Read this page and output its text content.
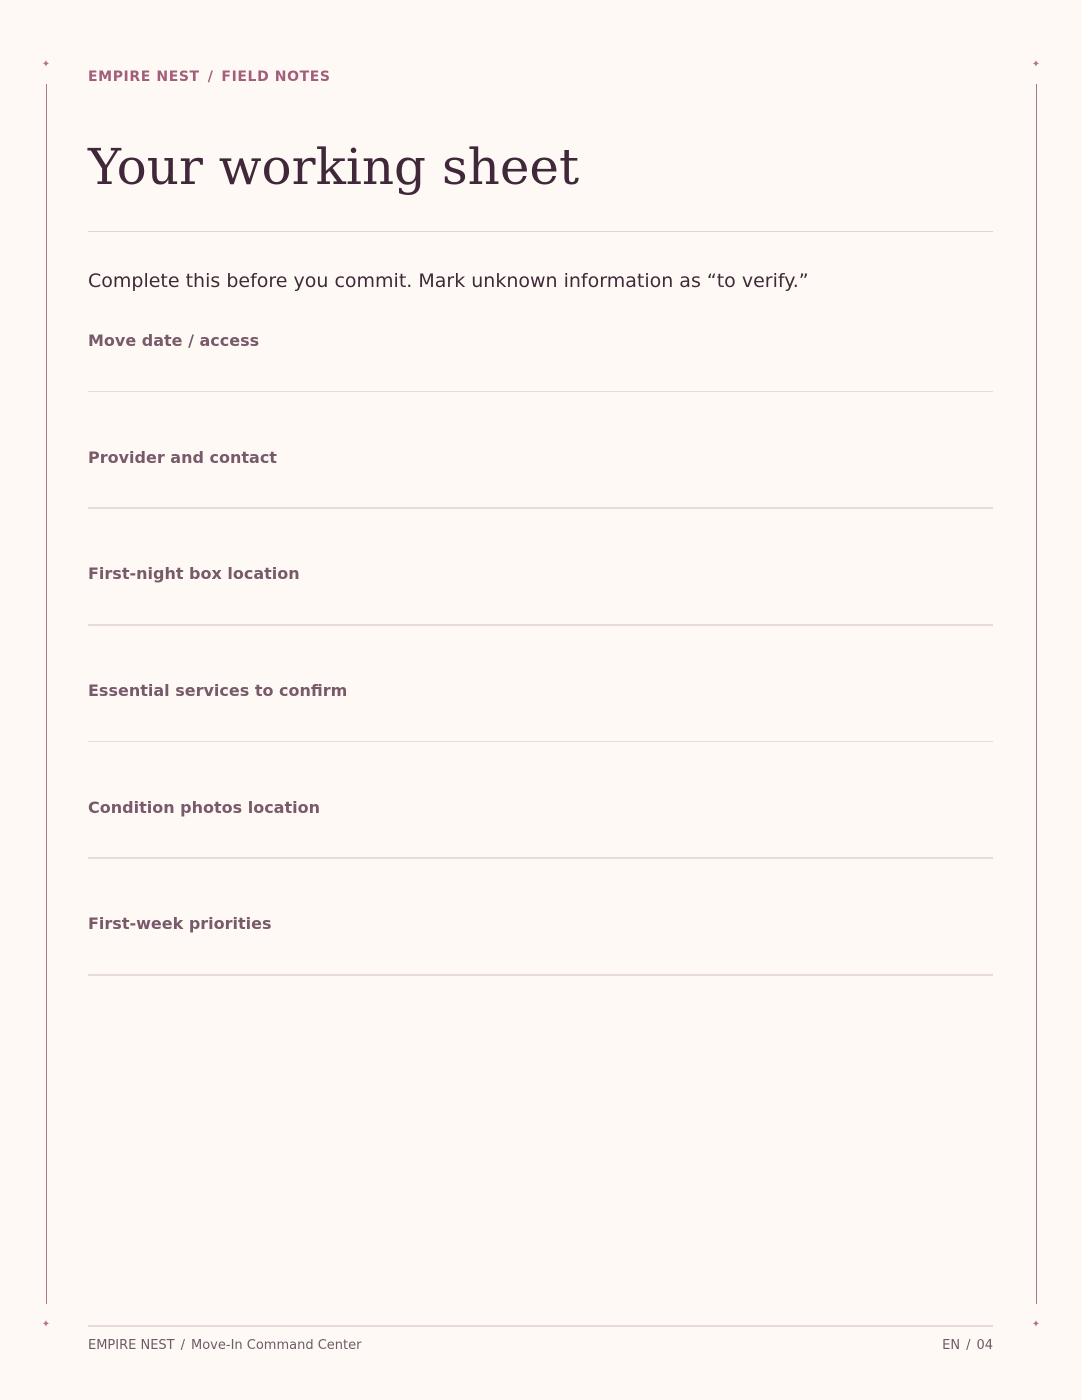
✦	✦
✦	✦
EMPIRE NEST / FIELD NOTES
Your working sheet

Complete this before you commit. Mark unknown information as “to verify.”

Move date / access
Provider and contact
First-night box location
Essential services to confirm
Condition photos location
First-week priorities
EMPIRE NEST / Move-In Command Center	EN / 04
